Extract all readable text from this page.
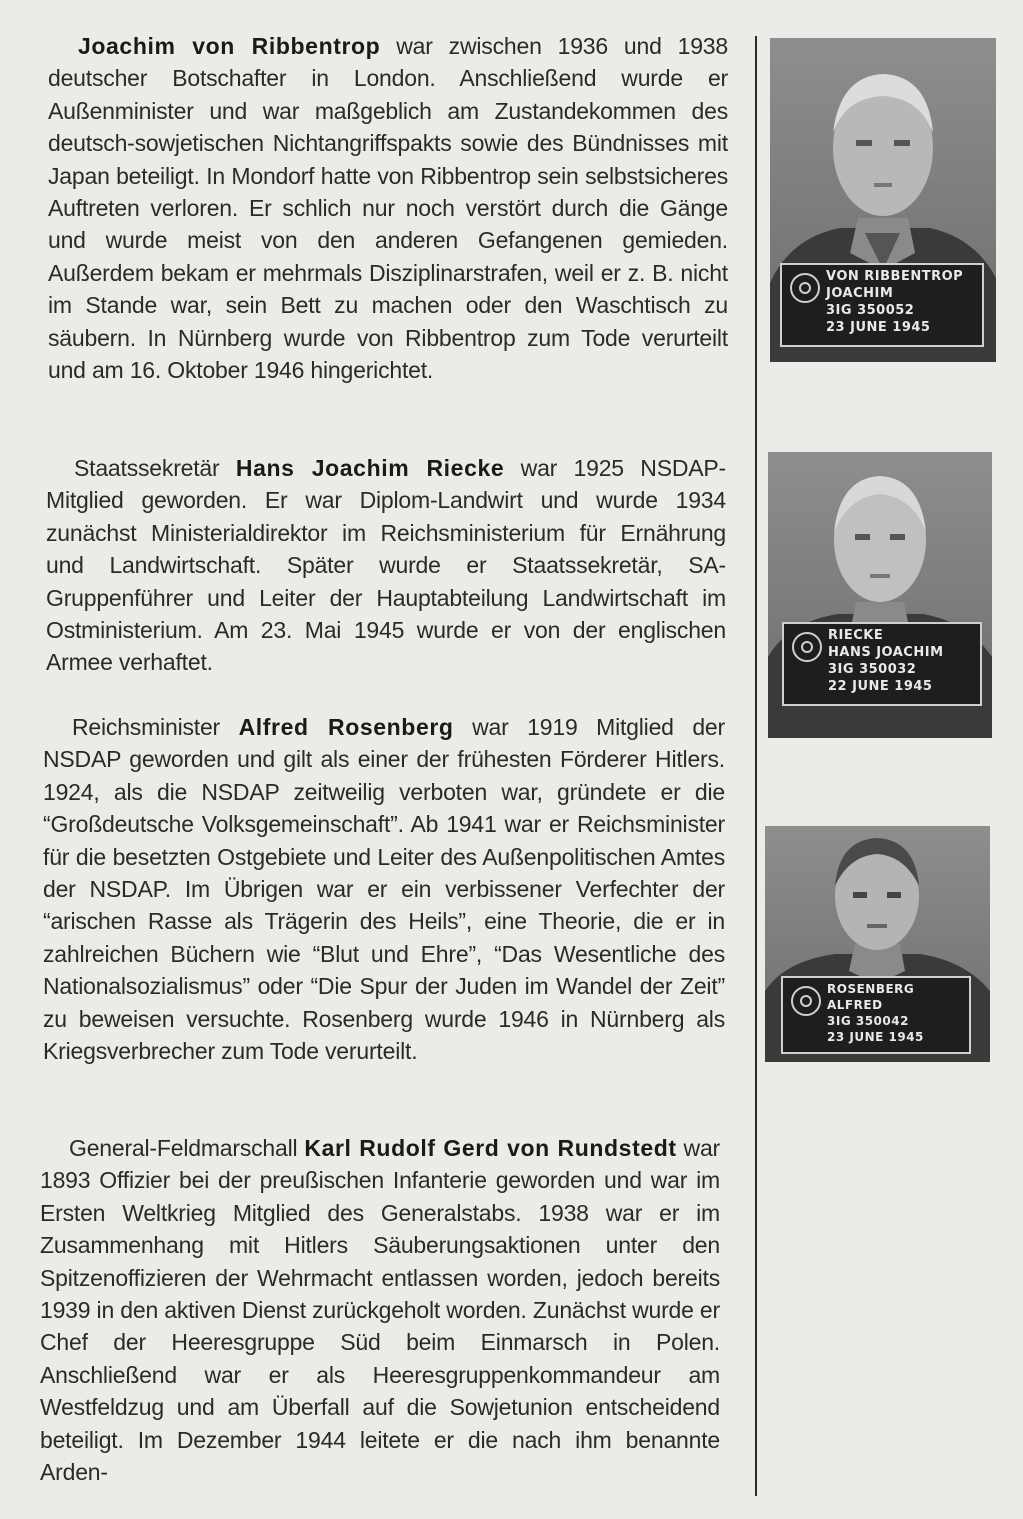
Joachim von Ribbentrop war zwischen 1936 und 1938 deutscher Botschafter in London. Anschließend wurde er Außenminister und war maßgeblich am Zustandekommen des deutsch-sowjetischen Nichtangriffspakts sowie des Bündnisses mit Japan beteiligt. In Mondorf hatte von Ribbentrop sein selbstsicheres Auftreten verloren. Er schlich nur noch verstört durch die Gänge und wurde meist von den anderen Gefangenen gemieden. Außerdem bekam er mehrmals Disziplinarstrafen, weil er z. B. nicht im Stande war, sein Bett zu machen oder den Waschtisch zu säubern. In Nürnberg wurde von Ribbentrop zum Tode verurteilt und am 16. Oktober 1946 hingerichtet.

Staatssekretär Hans Joachim Riecke war 1925 NSDAP-Mitglied geworden. Er war Diplom-Landwirt und wurde 1934 zunächst Ministerialdirektor im Reichsministerium für Ernährung und Landwirtschaft. Später wurde er Staatssekretär, SA-Gruppenführer und Leiter der Hauptabteilung Landwirtschaft im Ostministerium. Am 23. Mai 1945 wurde er von der englischen Armee verhaftet.

Reichsminister Alfred Rosenberg war 1919 Mitglied der NSDAP geworden und gilt als einer der frühesten Förderer Hitlers. 1924, als die NSDAP zeitweilig verboten war, gründete er die “Großdeutsche Volksgemeinschaft”. Ab 1941 war er Reichsminister für die besetzten Ostgebiete und Leiter des Außenpolitischen Amtes der NSDAP. Im Übrigen war er ein verbissener Verfechter der “arischen Rasse als Trägerin des Heils”, eine Theorie, die er in zahlreichen Büchern wie “Blut und Ehre”, “Das Wesentliche des Nationalsozialismus” oder “Die Spur der Juden im Wandel der Zeit” zu beweisen versuchte. Rosenberg wurde 1946 in Nürnberg als Kriegsverbrecher zum Tode verurteilt.

General-Feldmarschall Karl Rudolf Gerd von Rundstedt war 1893 Offizier bei der preußischen Infanterie geworden und war im Ersten Weltkrieg Mitglied des Generalstabs. 1938 war er im Zusammenhang mit Hitlers Säuberungsaktionen unter den Spitzenoffizieren der Wehrmacht entlassen worden, jedoch bereits 1939 in den aktiven Dienst zurückgeholt worden. Zunächst wurde er Chef der Heeresgruppe Süd beim Einmarsch in Polen. Anschließend war er als Heeresgruppenkommandeur am Westfeldzug und am Überfall auf die Sowjetunion entscheidend beteiligt. Im Dezember 1944 leitete er die nach ihm benannte Arden-

VON RIBBENTROP
JOACHIM
3IG 350052
23 JUNE 1945
RIECKE
HANS JOACHIM
3IG 350032
22 JUNE 1945
ROSENBERG
ALFRED
3IG 350042
23 JUNE 1945
